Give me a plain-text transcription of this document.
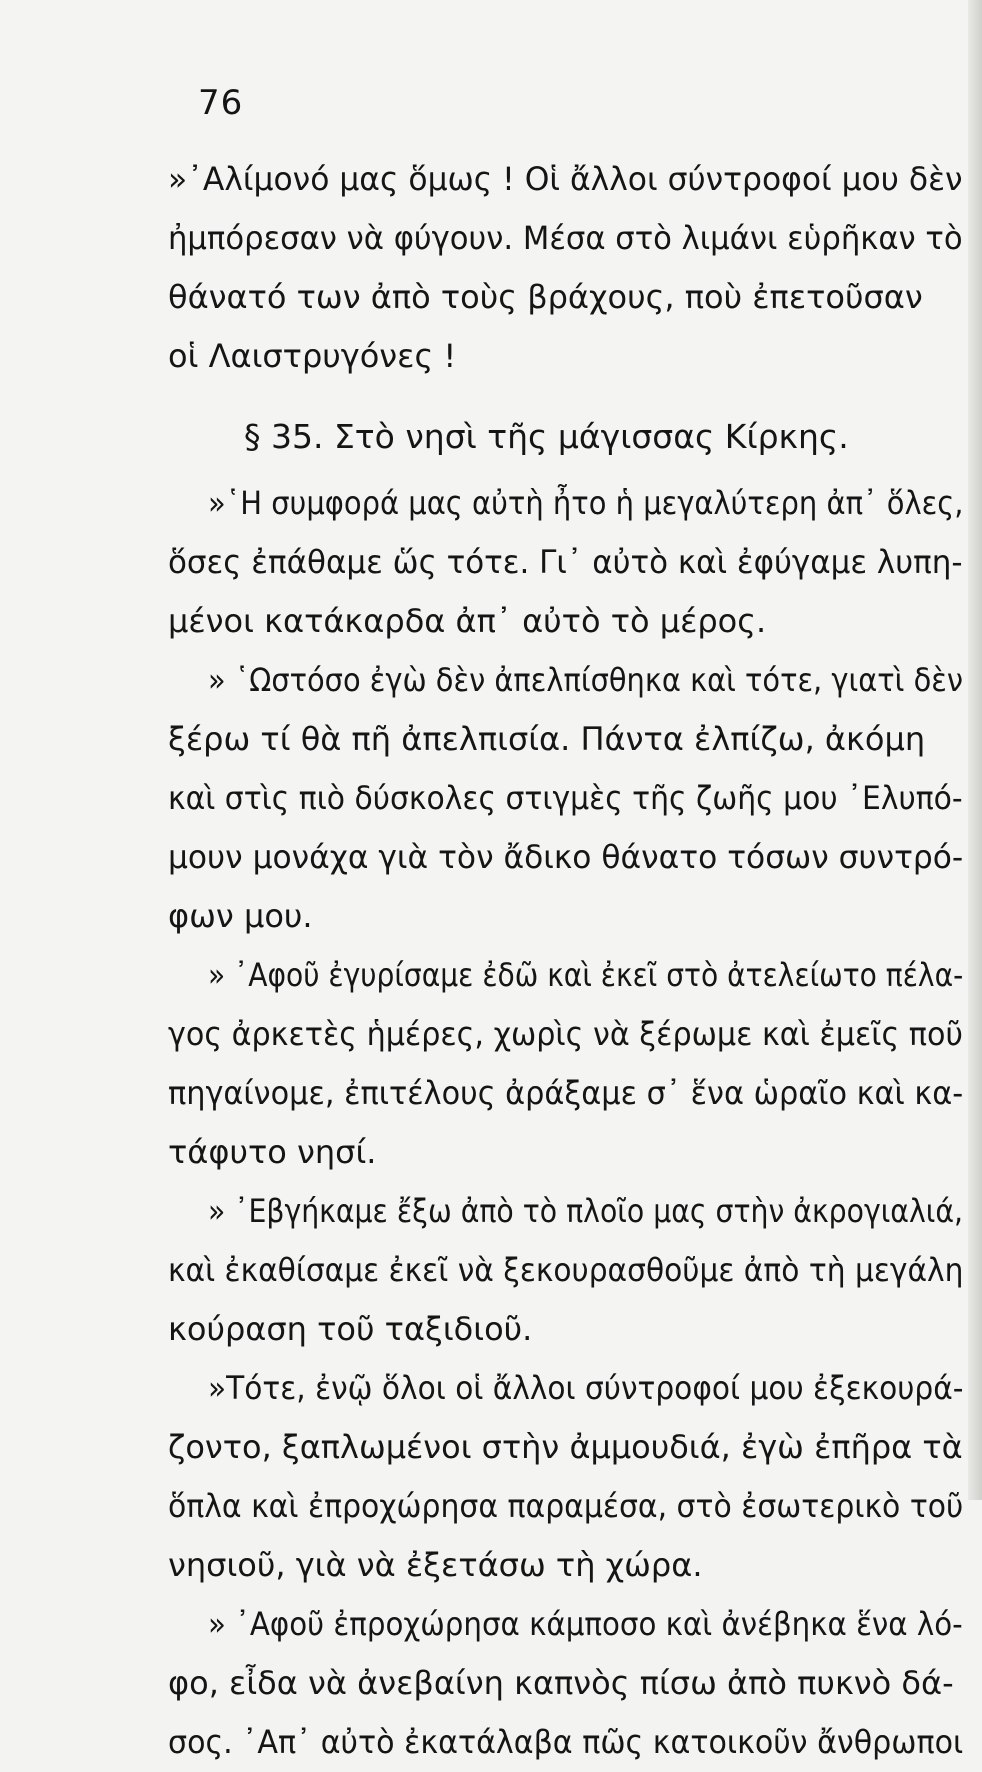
76
»᾿Αλίμονό μας ὅμως ! Οἱ ἄλλοι σύντροφοί μου δὲν
ἠμπόρεσαν νὰ φύγουν. Μέσα στὸ λιμάνι εὑρῆκαν τὸ
θάνατό των ἀπὸ τοὺς βράχους, ποὺ ἐπετοῦσαν
οἱ Λαιστρυγόνες !
§ 35. Στὸ νησὶ τῆς μάγισσας Κίρκης.
»῾Η συμφορά μας αὐτὴ ἦτο ἡ μεγαλύτερη ἀπ᾿ ὅλες,
ὅσες ἐπάθαμε ὥς τότε. Γι᾿ αὐτὸ καὶ ἐφύγαμε λυπη-
μένοι κατάκαρδα ἀπ᾿ αὐτὸ τὸ μέρος.
» ῾Ωστόσο ἐγὼ δὲν ἀπελπίσθηκα καὶ τότε, γιατὶ δὲν
ξέρω τί θὰ πῆ ἀπελπισία. Πάντα ἐλπίζω, ἀκόμη
καὶ στὶς πιὸ δύσκολες στιγμὲς τῆς ζωῆς μου ᾿Ελυπό-
μουν μονάχα γιὰ τὸν ἄδικο θάνατο τόσων συντρό-
φων μου.
» ᾿Αφοῦ ἐγυρίσαμε ἐδῶ καὶ ἐκεῖ στὸ ἀτελείωτο πέλα-
γος ἀρκετὲς ἡμέρες, χωρὶς νὰ ξέρωμε καὶ ἐμεῖς ποῦ
πηγαίνομε, ἐπιτέλους ἀράξαμε σ᾿ ἕνα ὡραῖο καὶ κα-
τάφυτο νησί.
» ᾿Εβγήκαμε ἔξω ἀπὸ τὸ πλοῖο μας στὴν ἀκρογιαλιά,
καὶ ἐκαθίσαμε ἐκεῖ νὰ ξεκουρασθοῦμε ἀπὸ τὴ μεγάλη
κούραση τοῦ ταξιδιοῦ.
»Τότε, ἐνῷ ὅλοι οἱ ἄλλοι σύντροφοί μου ἐξεκουρά-
ζοντο, ξαπλωμένοι στὴν ἀμμουδιά, ἐγὼ ἐπῆρα τὰ
ὅπλα καὶ ἐπροχώρησα παραμέσα, στὸ ἐσωτερικὸ τοῦ
νησιοῦ, γιὰ νὰ ἐξετάσω τὴ χώρα.
» ᾿Αφοῦ ἐπροχώρησα κάμποσο καὶ ἀνέβηκα ἕνα λό-
φο, εἶδα νὰ ἀνεβαίνη καπνὸς πίσω ἀπὸ πυκνὸ δά-
σος. ᾿Απ᾿ αὐτὸ ἐκατάλαβα πῶς κατοικοῦν ἄνθρωποι
